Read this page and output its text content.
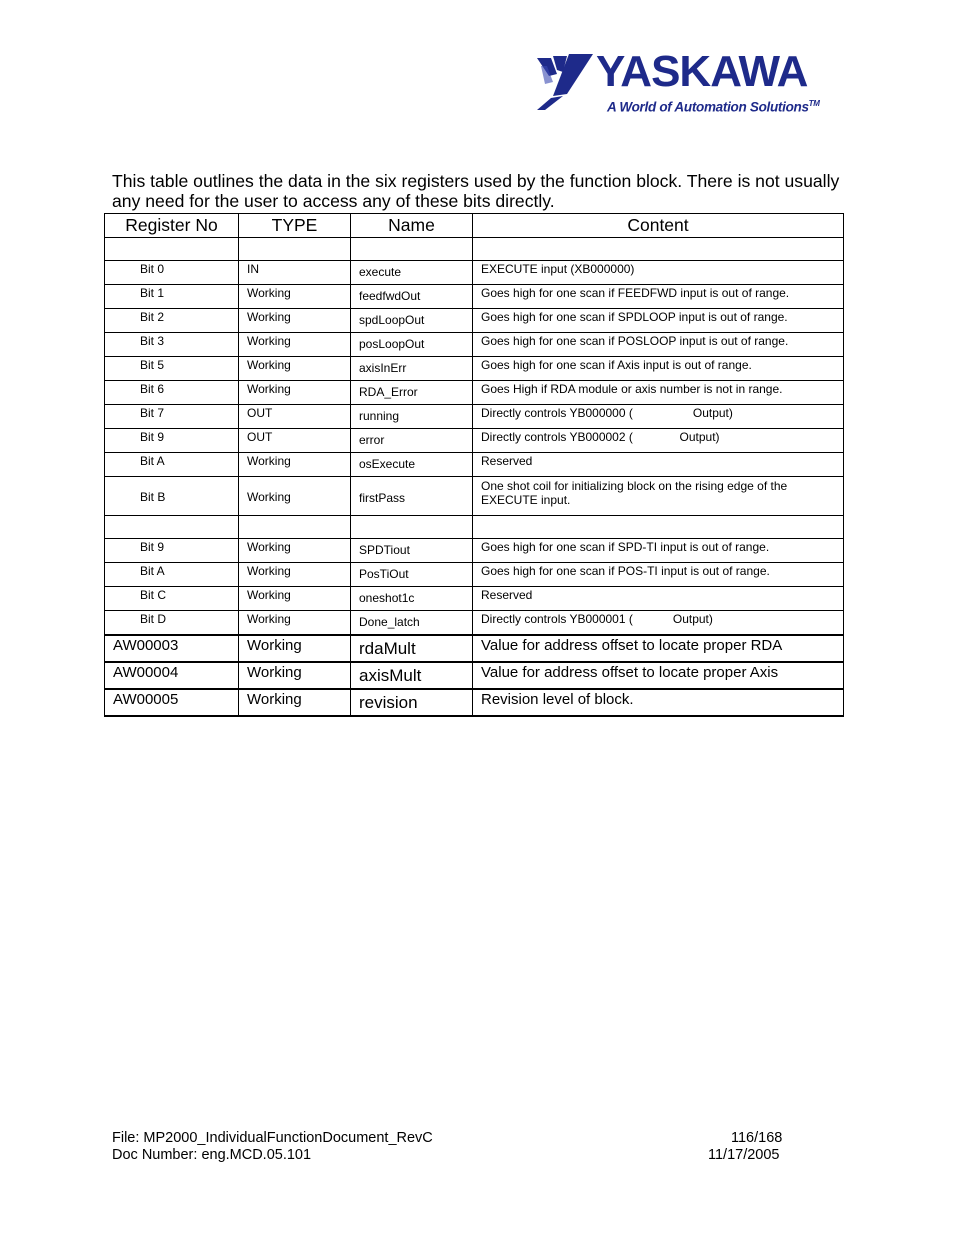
YASKAWA
A World of Automation Solutions™
This table outlines the data in the six registers used by the function block. There is not usually any need for the user to access any of these bits directly.
Register No	TYPE	Name	Content

Bit 0	IN	execute	EXECUTE input (XB000000)
Bit 1	Working	feedfwdOut	Goes high for one scan if FEEDFWD input is out of range.
Bit 2	Working	spdLoopOut	Goes high for one scan if SPDLOOP input is out of range.
Bit 3	Working	posLoopOut	Goes high for one scan if POSLOOP input is out of range.
Bit 5	Working	axisInErr	Goes high for one scan if Axis input is out of range.
Bit 6	Working	RDA_Error	Goes High if RDA module or axis number is not in range.
Bit 7	OUT	running	Directly controls YB000000 (                  Output)
Bit 9	OUT	error	Directly controls YB000002 (              Output)
Bit A	Working	osExecute	Reserved
Bit B	Working	firstPass	One shot coil for initializing block on the rising edge of the EXECUTE input.

Bit 9	Working	SPDTiout	Goes high for one scan if SPD-TI input is out of range.
Bit A	Working	PosTiOut	Goes high for one scan if POS-TI input is out of range.
Bit C	Working	oneshot1c	Reserved
Bit D	Working	Done_latch	Directly controls YB000001 (            Output)
AW00003	Working	rdaMult	Value for address offset to locate proper RDA
AW00004	Working	axisMult	Value for address offset to locate proper Axis
AW00005	Working	revision	Revision level of block.
File: MP2000_IndividualFunctionDocument_RevC
Doc Number: eng.MCD.05.101
116/168
11/17/2005
